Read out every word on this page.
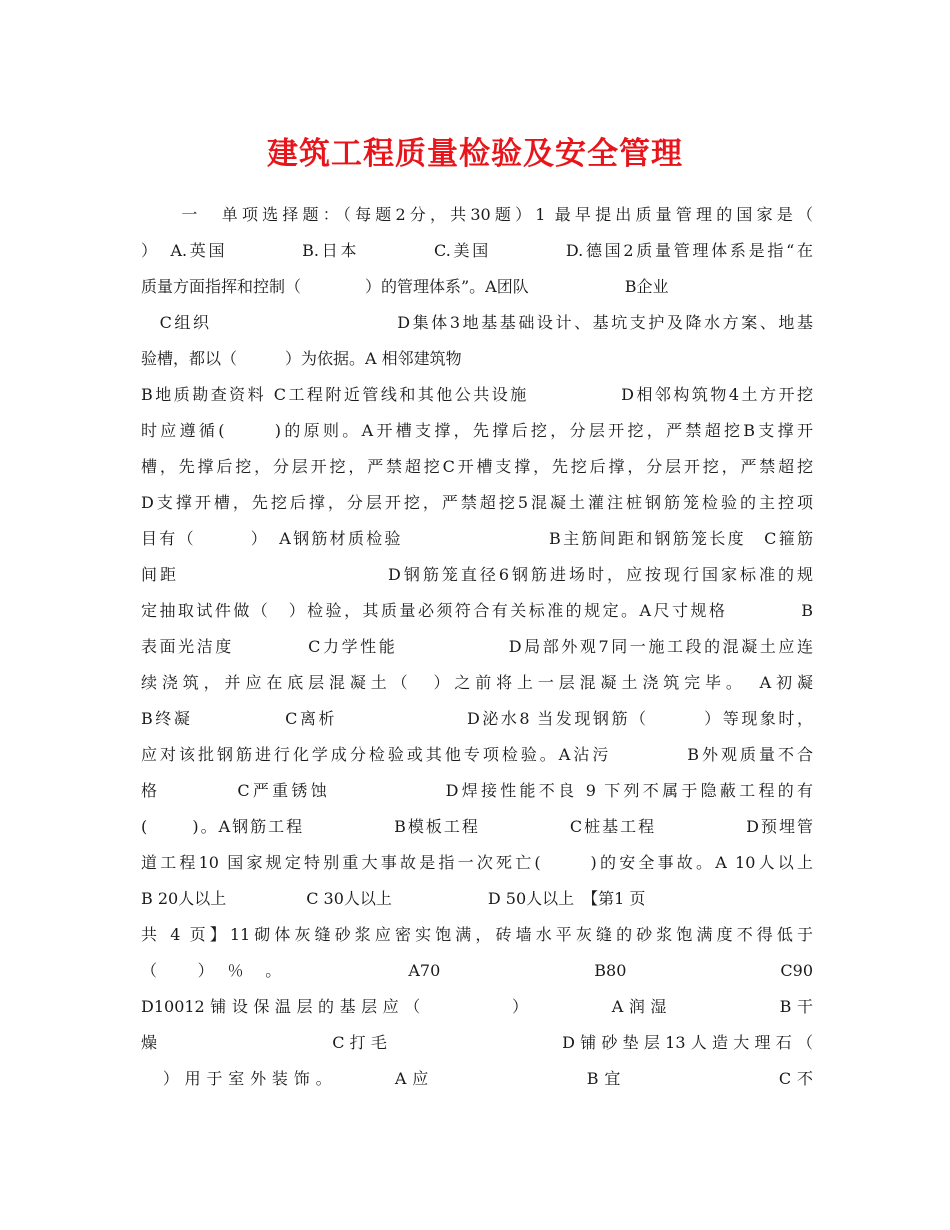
建筑工程质量检验及安全管理
　　一　单项选择题：（每题2分，共30题）1 最早提出质量管理的国家是（
）　A.英国　　　　B.日本　　　　C.美国　　　　D.德国2质量管理体系是指“在
质量方面指挥和控制（　　　　）的管理体系”。A团队　　　　　　B企业
　C组织　　　　　　　　　　D集体3地基基础设计、基坑支护及降水方案、地基
验槽，都以（　　　）为依据。A 相邻建筑物
B地质勘查资料 C工程附近管线和其他公共设施　　　　　D相邻构筑物4土方开挖
时应遵循(　　 )的原则。A开槽支撑，先撑后挖，分层开挖，严禁超挖B支撑开
槽，先撑后挖，分层开挖，严禁超挖C开槽支撑，先挖后撑，分层开挖，严禁超挖
D支撑开槽，先挖后撑，分层开挖，严禁超挖5混凝土灌注桩钢筋笼检验的主控项
目有（　　　）　A钢筋材质检验　　　　　　　　B主筋间距和钢筋笼长度　C箍筋
间距　　　　　　　　　　　D钢筋笼直径6钢筋进场时，应按现行国家标准的规
定抽取试件做（　）检验，其质量必须符合有关标准的规定。A尺寸规格　　　　B
表面光洁度　　　　C力学性能　　　　　　D局部外观7同一施工段的混凝土应连
续浇筑，并应在底层混凝土（　）之前将上一层混凝土浇筑完毕。　A初凝
B终凝　　　　　C离析　　　　　　　D泌水8 当发现钢筋（　　　）等现象时，
应对该批钢筋进行化学成分检验或其他专项检验。A沾污　　　　B外观质量不合
格　　　　C严重锈蚀　　　　　　D焊接性能不良 9 下列不属于隐蔽工程的有
(　　 )。A钢筋工程　　　　　B模板工程　　　　　C桩基工程　　　　　D预埋管
道工程10 国家规定特别重大事故是指一次死亡(　　 )的安全事故。A 10人以上
B 20人以上　　　　　C 30人以上　　　　　　D 50人以上　【第1 页
共 4 页】11砌体灰缝砂浆应密实饱满，砖墙水平灰缝的砂浆饱满度不得低于
（　　）　％　。　　　　　　　A70　　　　　　　　B80　　　　　　　　C90
D10012铺设保温层的基层应（　　　　）　　　　A润湿　　　　　B干
燥　　　　　　　　C打毛　　　　　　　　D铺砂垫层13人造大理石（
　）用于室外装饰。　　　A应　　　　　　　B宜　　　　　　　C不
